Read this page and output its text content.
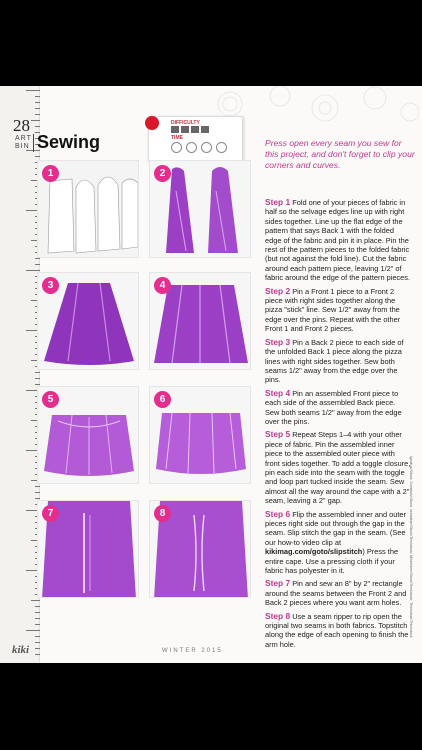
28
ART
BIN Sewing
DIFFICULTY
TIME	Press open every seam you sew for this project, and don't forget to clip your corners and curves.
1	2
3	4
5	6
7	8
Step 1 Fold one of your pieces of fabric in half so the selvage edges line up with right sides together. Line up the flat edge of the pattern that says Back 1 with the folded edge of the fabric and pin it in place. Pin the rest of the pattern pieces to the folded fabric (but not against the fold line). Cut the fabric around each pattern piece, leaving 1/2" of fabric around the edge of the pattern pieces.
Step 2 Pin a Front 1 piece to a Front 2 piece with right sides together along the pizza "stick" line. Sew 1/2" away from the edge over the pins. Repeat with the other Front 1 and Front 2 pieces.
Step 3 Pin a Back 2 piece to each side of the unfolded Back 1 piece along the pizza lines with right sides together. Sew both seams 1/2" away from the edge over the pins.
Step 4 Pin an assembled Front piece to each side of the assembled Back piece. Sew both seams 1/2" away from the edge over the pins.
Step 5 Repeat Steps 1–4 with your other piece of fabric. Pin the assembled inner piece to the assembled outer piece with front sides together. To add a toggle closure, pin each side into the seam with the toggle and loop part tucked inside the seam. Sew almost all the way around the cape with a 2" seam, leaving a 2" gap.
Step 6 Flip the assembled inner and outer pieces right side out through the gap in the seam. Slip stitch the gap in the seam. (See our how-to video clip at kikimag.com/goto/slipstitch) Press the entire cape. Use a pressing cloth if your fabric has polyester in it.
Step 7 Pin and sew an 8" by 2" rectangle around the seams between the Front 2 and Back 2 pieces where you want arm holes.
Step 8 Use a seam ripper to rip open the original two seams in both fabrics. Topstitch along the edge of each opening to finish the arm hole.
Ignatius/iStock; Sunstock/iStock; sebastian/iStock/Thinkstock; Mikkelsen/iStock/Thinkstock; Thinkstock/Thinkstock
kiki	WINTER 2015
